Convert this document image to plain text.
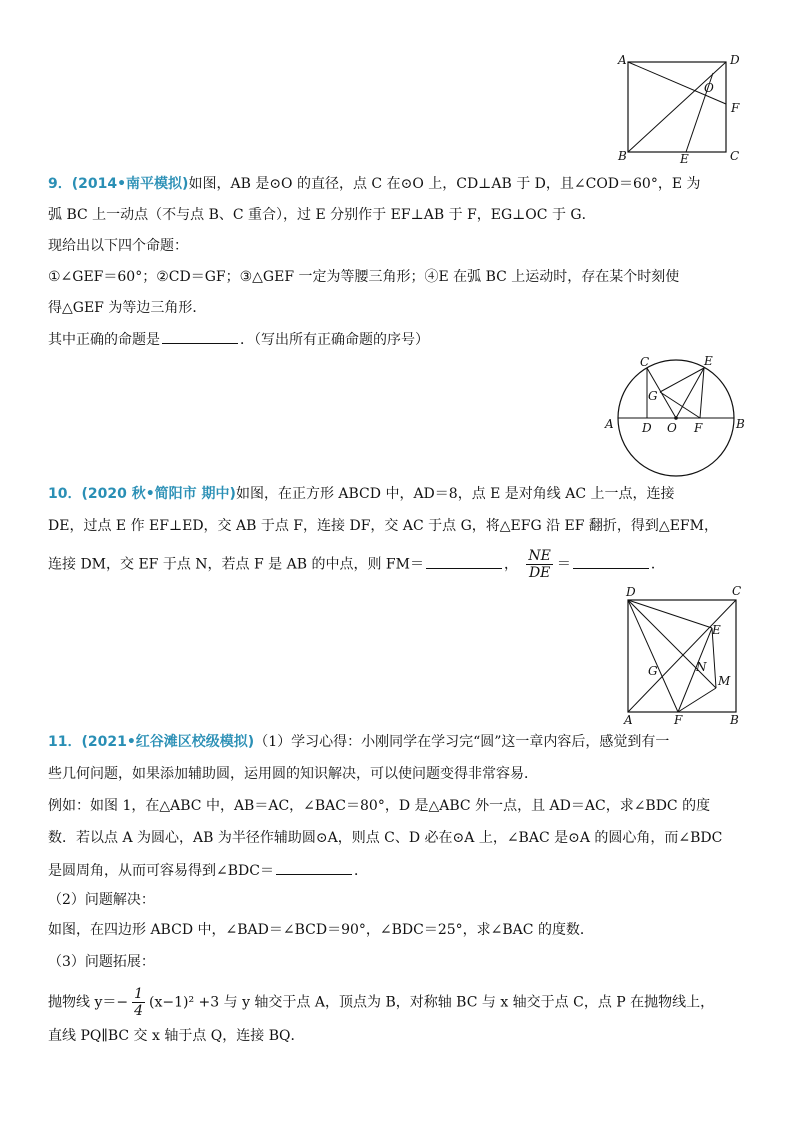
A
B	C
D
O
F
E
9．(2014•南平模拟)如图，AB 是⊙O 的直径，点 C 在⊙O 上，CD⊥AB 于 D，且∠COD＝60°，E 为
弧 BC 上一动点（不与点 B、C 重合），过 E 分别作于 EF⊥AB 于 F，EG⊥OC 于 G．
现给出以下四个命题：
①∠GEF＝60°；②CD＝GF；③△GEF 一定为等腰三角形；④E 在弧 BC 上运动时，存在某个时刻使
得△GEF 为等边三角形．
其中正确的命题是	．（写出所有正确命题的序号）
C	E
G
A D O F	B
10．(2020 秋•简阳市 期中)如图，在正方形 ABCD 中，AD＝8，点 E 是对角线 AC 上一点，连接
DE，过点 E 作 EF⊥ED，交 AB 于点 F，连接 DF，交 AC 于点 G，将△EFG 沿 EF 翻折，得到△EFM，
连接 DM，交 EF 于点 N，若点 F 是 AB 的中点，则 FM＝	， $\frac{NE}{DE}$ ＝	．
D	C
E
G	N
M
A	F	B
11．(2021•红谷滩区校级模拟)（1）学习心得：小刚同学在学习完“圆”这一章内容后，感觉到有一
些几何问题，如果添加辅助圆，运用圆的知识解决，可以使问题变得非常容易．
例如：如图 1，在△ABC 中，AB＝AC，∠BAC＝80°，D 是△ABC 外一点，且 AD＝AC，求∠BDC 的度
数．若以点 A 为圆心，AB 为半径作辅助圆⊙A，则点 C、D 必在⊙A 上，∠BAC 是⊙A 的圆心角，而∠BDC
是圆周角，从而可容易得到∠BDC＝	．
（2）问题解决：
如图，在四边形 ABCD 中，∠BAD＝∠BCD＝90°，∠BDC＝25°，求∠BAC 的度数．
（3）问题拓展：
抛物线 $y=- \frac{1}{4} (x-1)^2 +3$ 与 y 轴交于点 A，顶点为 B，对称轴 BC 与 x 轴交于点 C，点 P 在抛物线上，
直线 PQ∥BC 交 x 轴于点 Q，连接 BQ．
